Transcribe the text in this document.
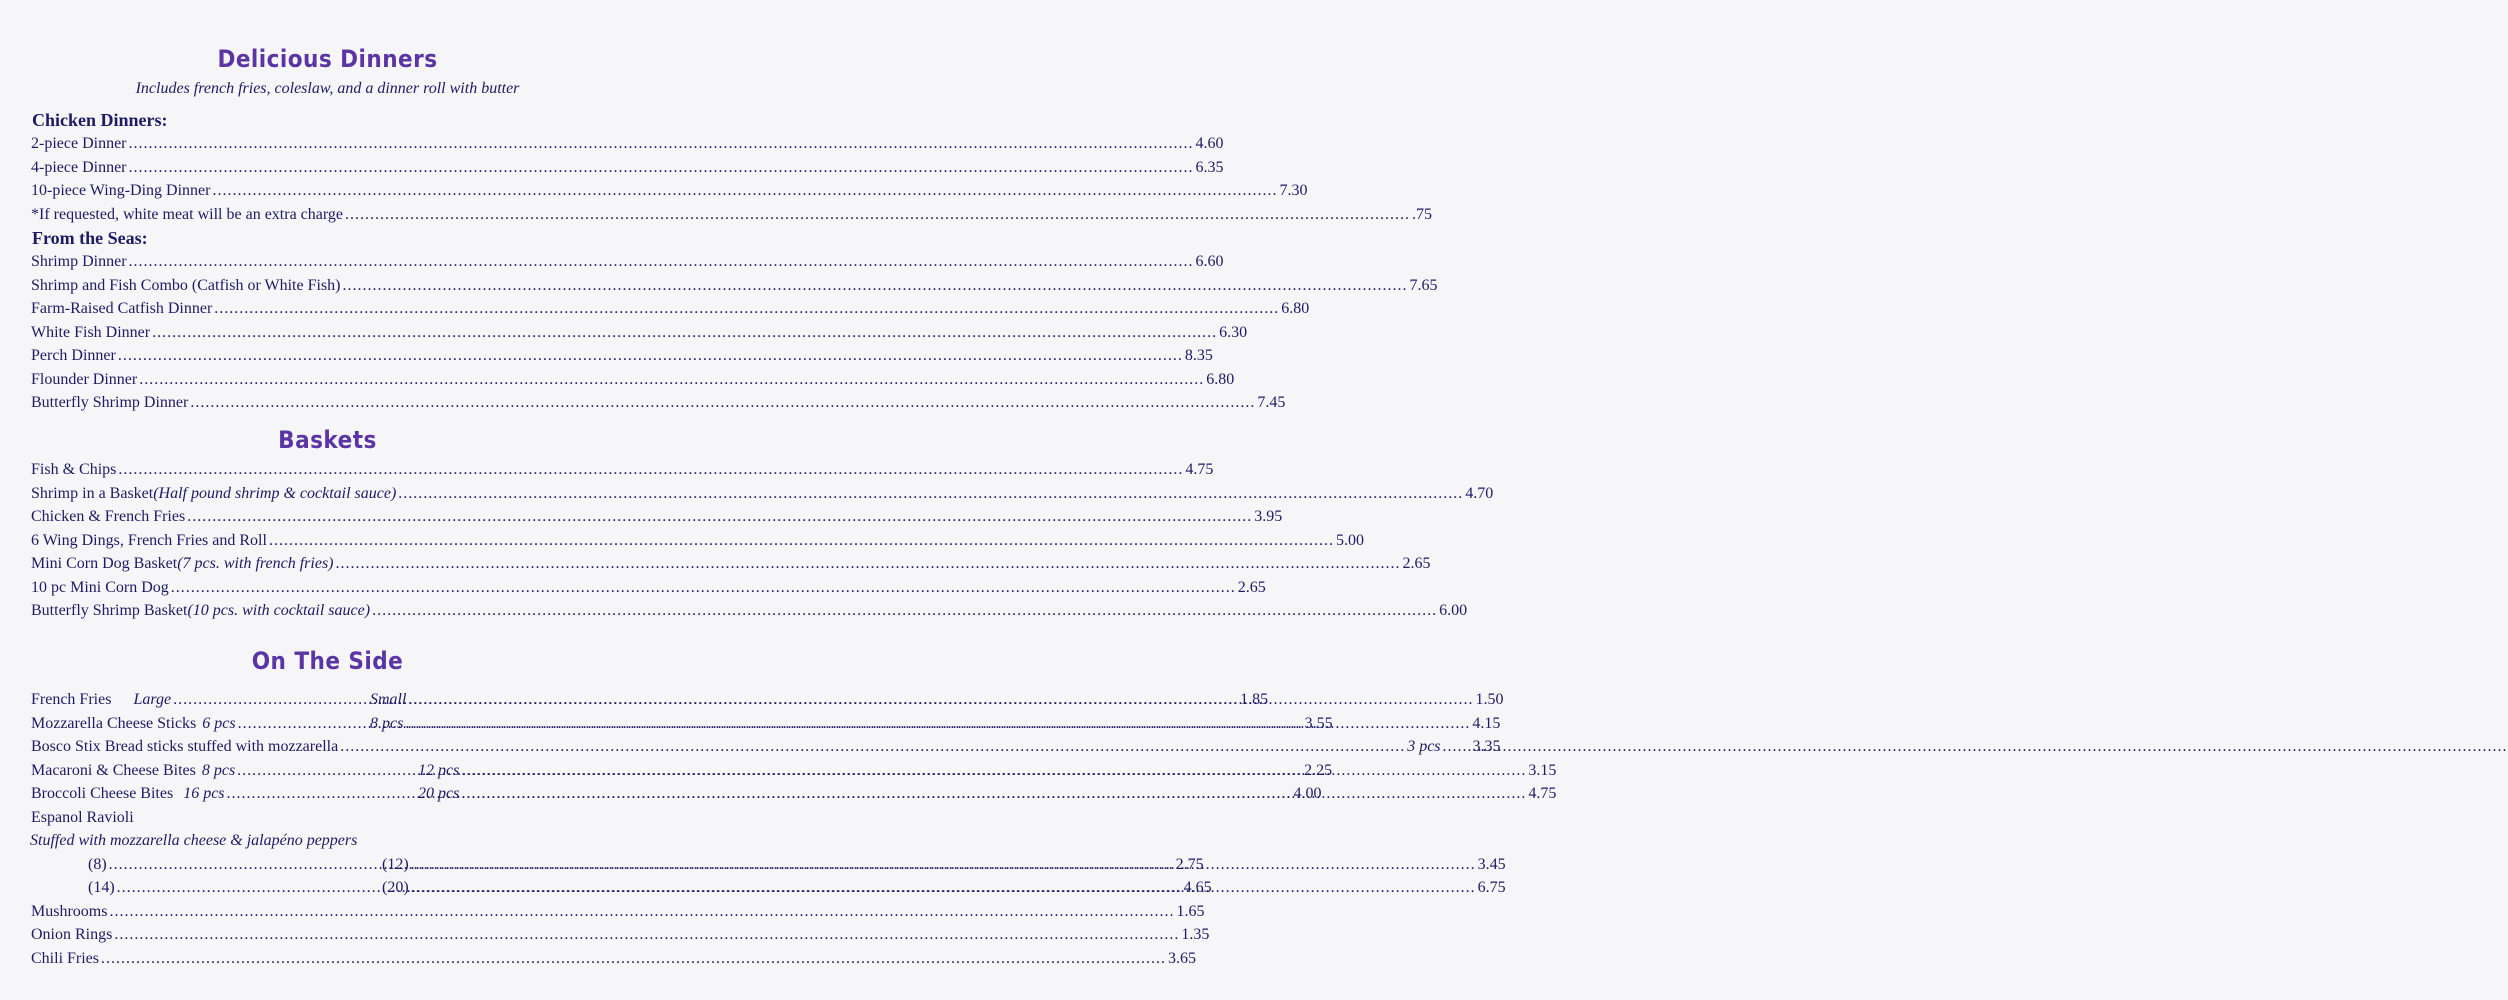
Delicious Dinners
Includes french fries, coleslaw, and a dinner roll with butter
Chicken Dinners:
2-piece Dinner .....	4.60
4-piece Dinner .....	6.35
10-piece Wing-Ding Dinner .....	7.30
*If requested, white meat will be an extra charge .....	.75
From the Seas:
Shrimp Dinner .....	6.60
Shrimp and Fish Combo (Catfish or White Fish) .....	7.65
Farm-Raised Catfish Dinner .....	6.80
White Fish Dinner .....	6.30
Perch Dinner .....	8.35
Flounder Dinner .....	6.80
Butterfly Shrimp Dinner .....	7.45
Baskets
Fish & Chips .....	4.75
Shrimp in a Basket (Half pound shrimp & cocktail sauce) .....	4.70
Chicken & French Fries .....	3.95
6 Wing Dings, French Fries and Roll .....	5.00
Mini Corn Dog Basket (7 pcs. with french fries) .....	2.65
10 pc Mini Corn Dog .....	2.65
Butterfly Shrimp Basket (10 pcs. with cocktail sauce) .....	6.00
On The Side
French Fries Large .....	1.85
Small .....	1.50
Mozzarella Cheese Sticks 6 pcs .....	3.55
8 pcs .....	4.15
Bosco Stix Bread sticks stuffed with mozzarella .....	3 pcs ..... 3.35
Macaroni & Cheese Bites 8 pcs .....	2.25
12 pcs .....	3.15
Broccoli Cheese Bites 16 pcs .....	4.00
20 pcs .....	4.75
Espanol Ravioli
Stuffed with mozzarella cheese & jalapéno peppers
(8) .....	2.75
(12) .....	3.45
(14) .....	4.65
(20) .....	6.75
Mushrooms .....	1.65
Onion Rings .....	1.35
Chili Fries .....	3.65
